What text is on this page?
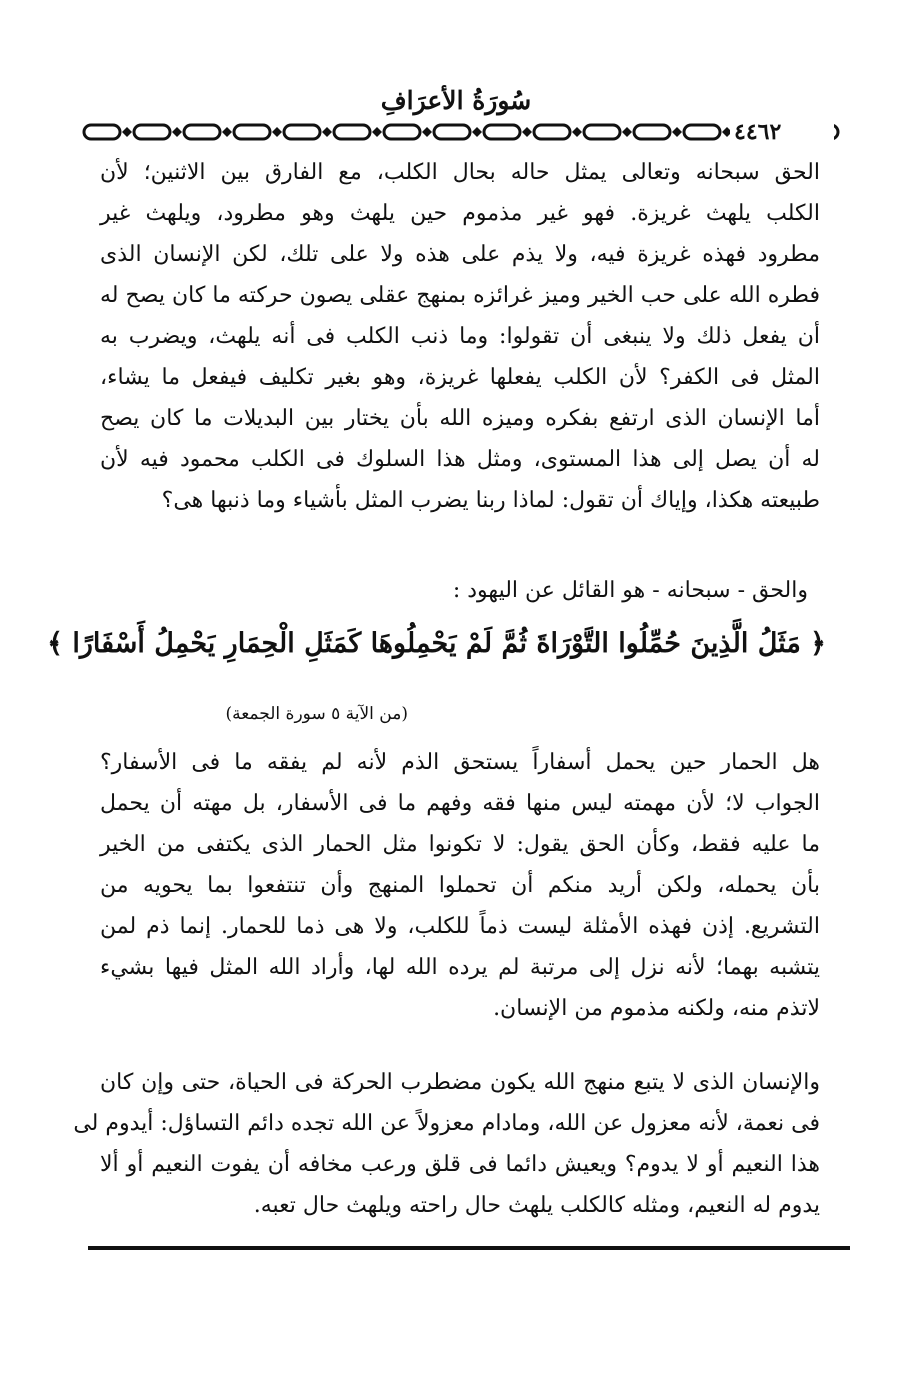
سُورَةُ الأعرَافِ
٤٤٦٢
الحق سبحانه وتعالى يمثل حاله بحال الكلب، مع الفارق بين الاثنين؛ لأن
الكلب يلهث غريزة. فهو غير مذموم حين يلهث وهو مطرود، ويلهث غير
مطرود فهذه غريزة فيه، ولا يذم على هذه ولا على تلك، لكن الإنسان الذى
فطره الله على حب الخير وميز غرائزه بمنهج عقلى يصون حركته ما كان يصح له
أن يفعل ذلك ولا ينبغى أن تقولوا: وما ذنب الكلب فى أنه يلهث، ويضرب به
المثل فى الكفر؟ لأن الكلب يفعلها غريزة، وهو بغير تكليف فيفعل ما يشاء،
أما الإنسان الذى ارتفع بفكره وميزه الله بأن يختار بين البديلات ما كان يصح
له أن يصل إلى هذا المستوى، ومثل هذا السلوك فى الكلب محمود فيه لأن
طبيعته هكذا، وإياك أن تقول: لماذا ربنا يضرب المثل بأشياء وما ذنبها هى؟
والحق - سبحانه - هو القائل عن اليهود :
﴿ مَثَلُ الَّذِينَ حُمِّلُوا التَّوْرَاةَ ثُمَّ لَمْ يَحْمِلُوهَا كَمَثَلِ الْحِمَارِ يَحْمِلُ أَسْفَارًا ﴾
(من الآية ٥ سورة الجمعة)
هل الحمار حين يحمل أسفاراً يستحق الذم لأنه لم يفقه ما فى الأسفار؟
الجواب لا؛ لأن مهمته ليس منها فقه وفهم ما فى الأسفار، بل مهته أن يحمل
ما عليه فقط، وكأن الحق يقول: لا تكونوا مثل الحمار الذى يكتفى من الخير
بأن يحمله، ولكن أريد منكم أن تحملوا المنهج وأن تنتفعوا بما يحويه من
التشريع. إذن فهذه الأمثلة ليست ذماً للكلب، ولا هى ذما للحمار. إنما ذم لمن
يتشبه بهما؛ لأنه نزل إلى مرتبة لم يرده الله لها، وأراد الله المثل فيها بشيء
لاتذم منه، ولكنه مذموم من الإنسان.
والإنسان الذى لا يتبع منهج الله يكون مضطرب الحركة فى الحياة، حتى وإن كان
فى نعمة، لأنه معزول عن الله، ومادام معزولاً عن الله تجده دائم التساؤل: أيدوم لى
هذا النعيم أو لا يدوم؟ ويعيش دائما فى قلق ورعب مخافه أن يفوت النعيم أو ألا
يدوم له النعيم، ومثله كالكلب يلهث حال راحته ويلهث حال تعبه.
